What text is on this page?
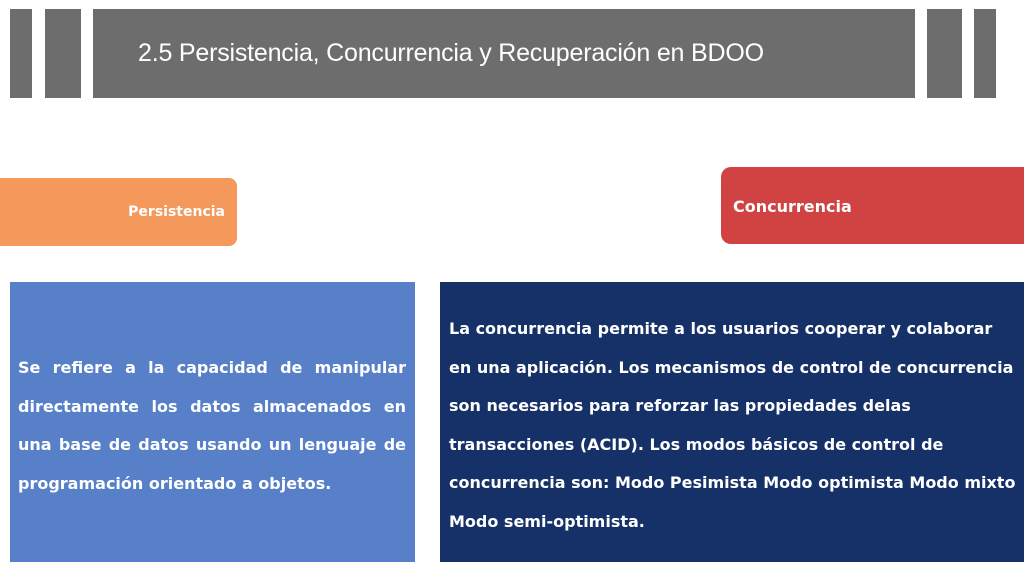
2.5 Persistencia, Concurrencia y Recuperación en BDOO
Persistencia	Concurrencia

Se refiere a la capacidad de manipular directamente los datos almacenados en una base de datos usando un lenguaje de programación orientado a objetos.

La concurrencia permite a los usuarios cooperar y colaborar en una aplicación. Los mecanismos de control de concurrencia son necesarios para reforzar las propiedades delas transacciones (ACID). Los modos básicos de control de concurrencia son: Modo Pesimista Modo optimista Modo mixto Modo semi-optimista.
